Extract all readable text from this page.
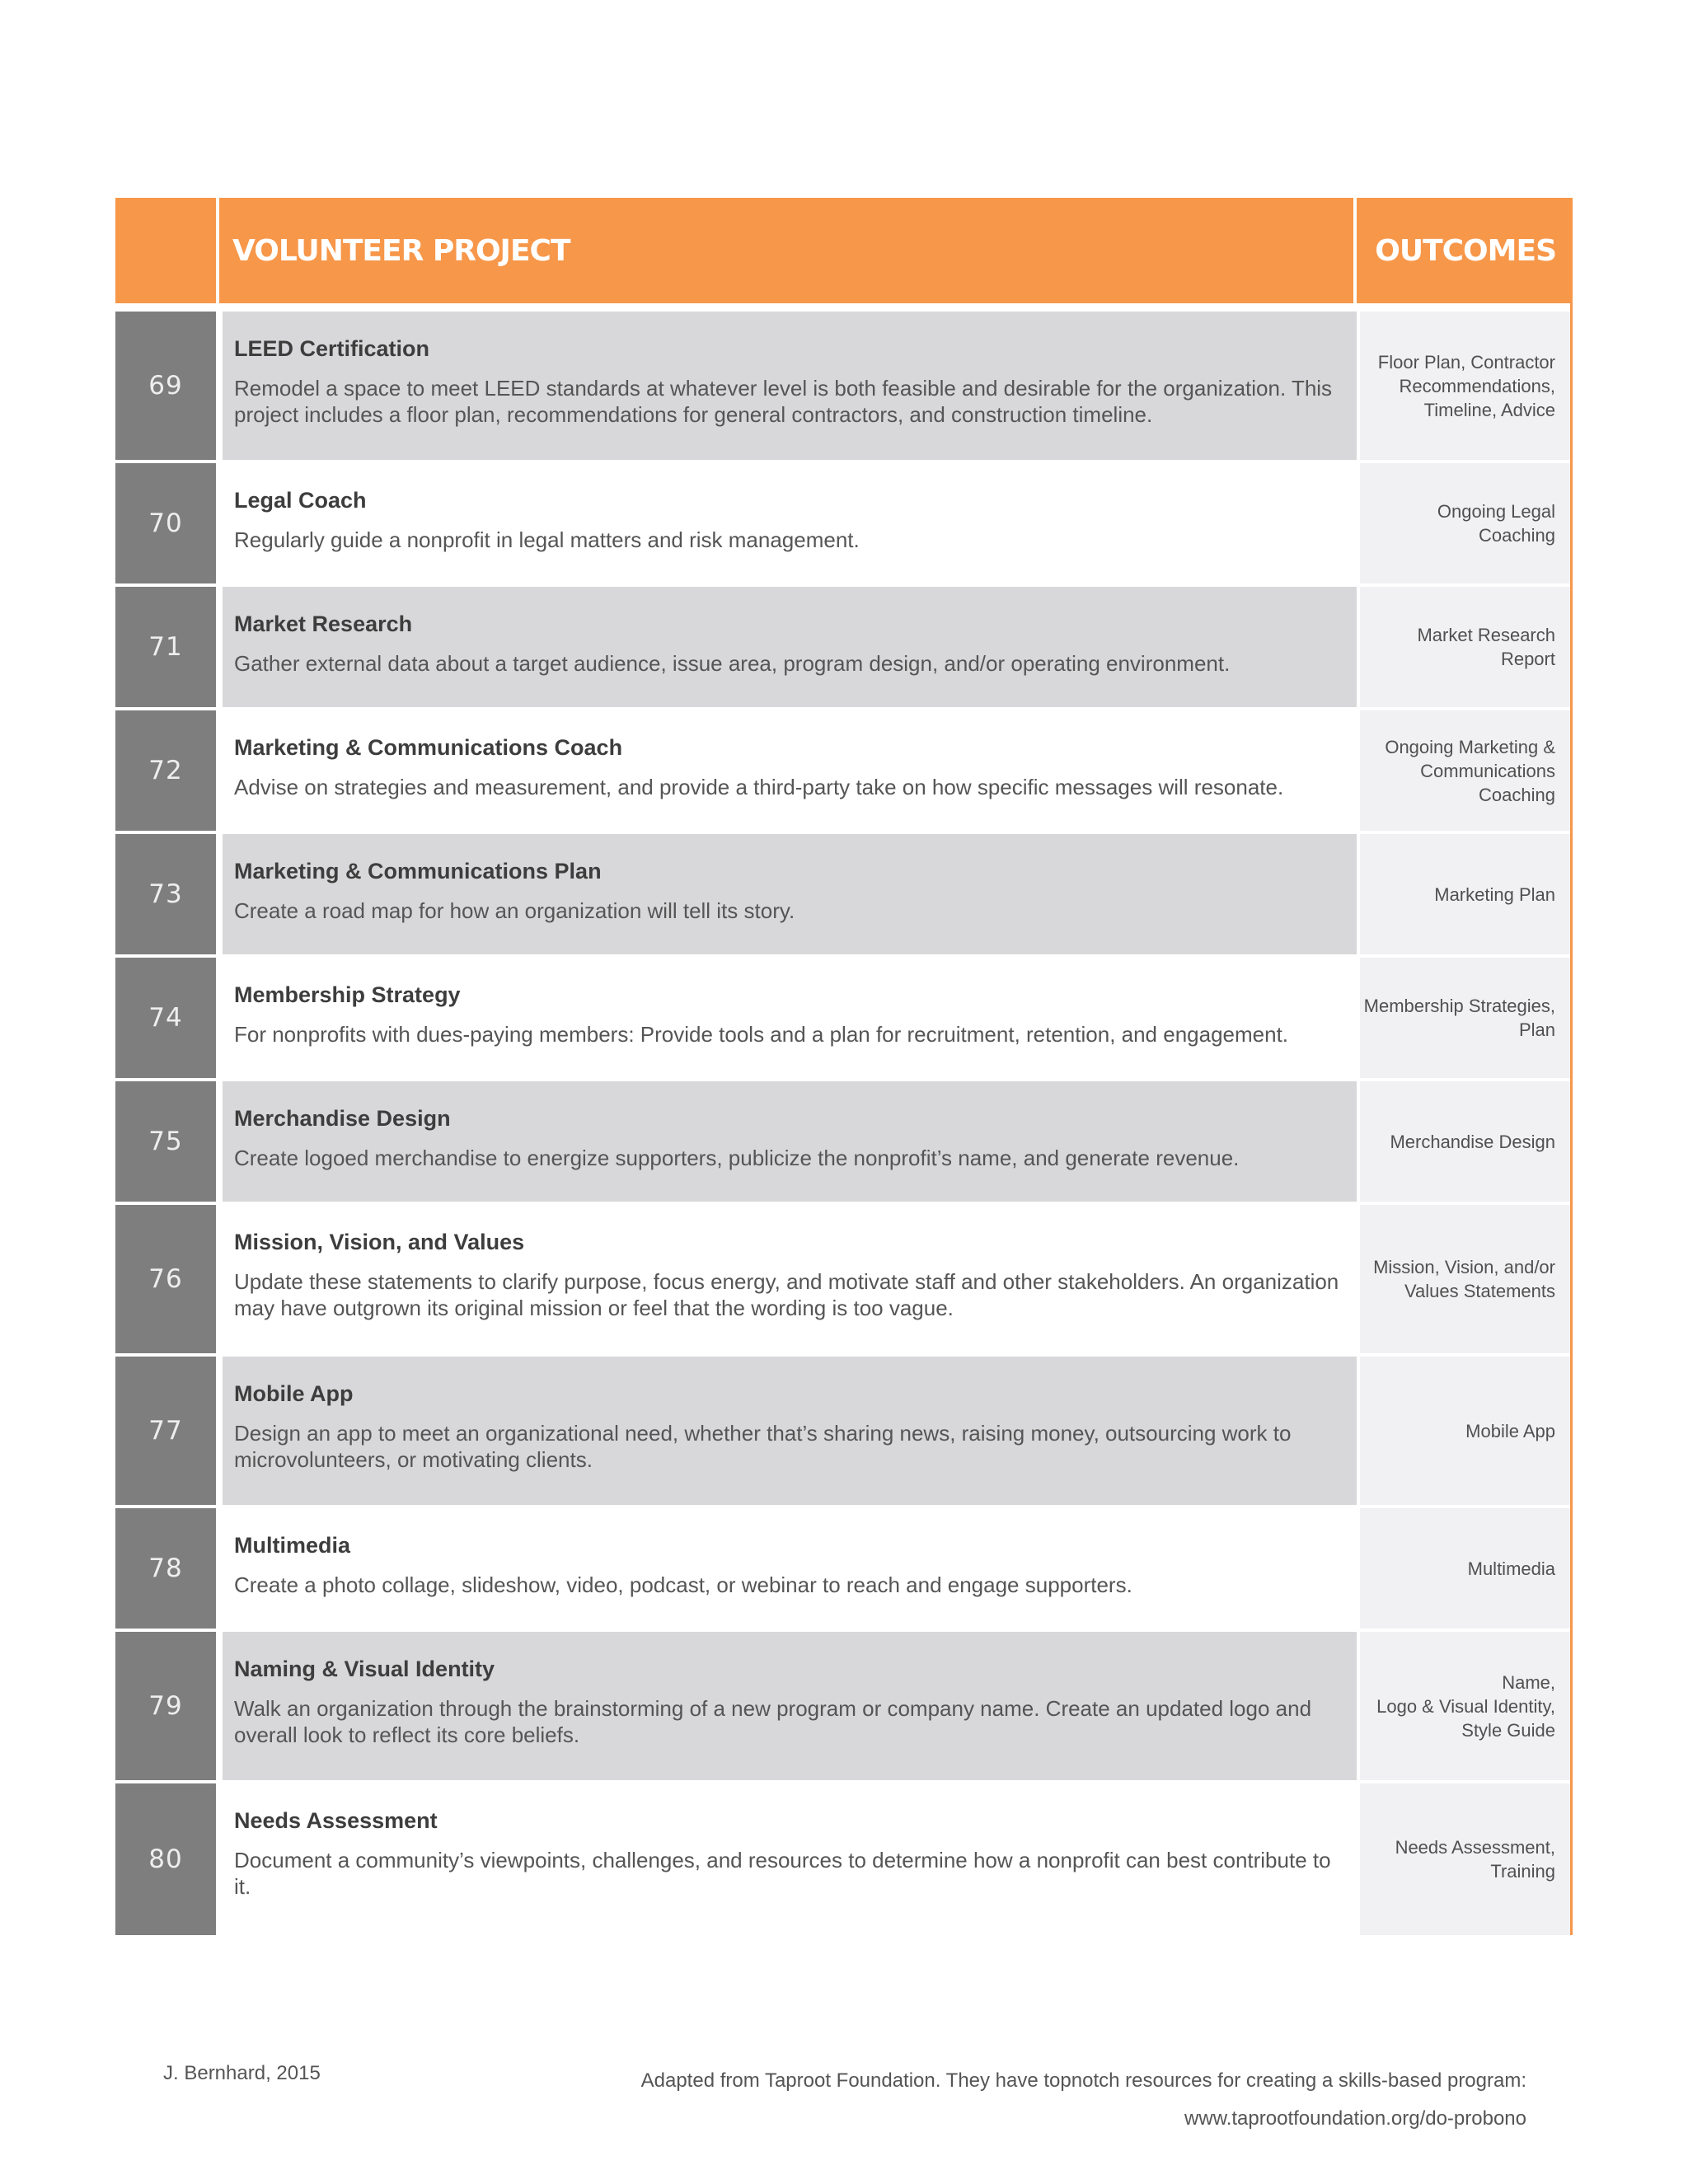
VOLUNTEER PROJECT	OUTCOMES
69
LEED Certification
Remodel a space to meet LEED standards at whatever level is both feasible and desirable for the organization. This project includes a floor plan, recommendations for general contractors, and construction timeline.
Floor Plan, Contractor
Recommendations,
Timeline, Advice
70
Legal Coach
Regularly guide a nonprofit in legal matters and risk management.
Ongoing Legal
Coaching
71
Market Research
Gather external data about a target audience, issue area, program design, and/or operating environment.
Market Research Report
72
Marketing & Communications Coach
Advise on strategies and measurement, and provide a third-party take on how specific messages will resonate.
Ongoing Marketing &
Communications
Coaching
73
Marketing & Communications Plan
Create a road map for how an organization will tell its story.
Marketing Plan
74
Membership Strategy
For nonprofits with dues-paying members: Provide tools and a plan for recruitment, retention, and engagement.
Membership Strategies,
Plan
75
Merchandise Design
Create logoed merchandise to energize supporters, publicize the nonprofit’s name, and generate revenue.
Merchandise Design
76
Mission, Vision, and Values
Update these statements to clarify purpose, focus energy, and motivate staff and other stakeholders. An organization may have outgrown its original mission or feel that the wording is too vague.
Mission, Vision, and/or
Values Statements
77
Mobile App
Design an app to meet an organizational need, whether that’s sharing news, raising money, outsourcing work to microvolunteers, or motivating clients.
Mobile App
78
Multimedia
Create a photo collage, slideshow, video, podcast, or webinar to reach and engage supporters.
Multimedia
79
Naming & Visual Identity
Walk an organization through the brainstorming of a new program or company name. Create an updated logo and overall look to reflect its core beliefs.
Name,
Logo & Visual Identity,
Style Guide
80
Needs Assessment
Document a community’s viewpoints, challenges, and resources to determine how a nonprofit can best contribute to it.
Needs Assessment,
Training
J. Bernhard, 2015	Adapted from Taproot Foundation. They have topnotch resources for creating a skills-based program:
www.taprootfoundation.org/do-probono
